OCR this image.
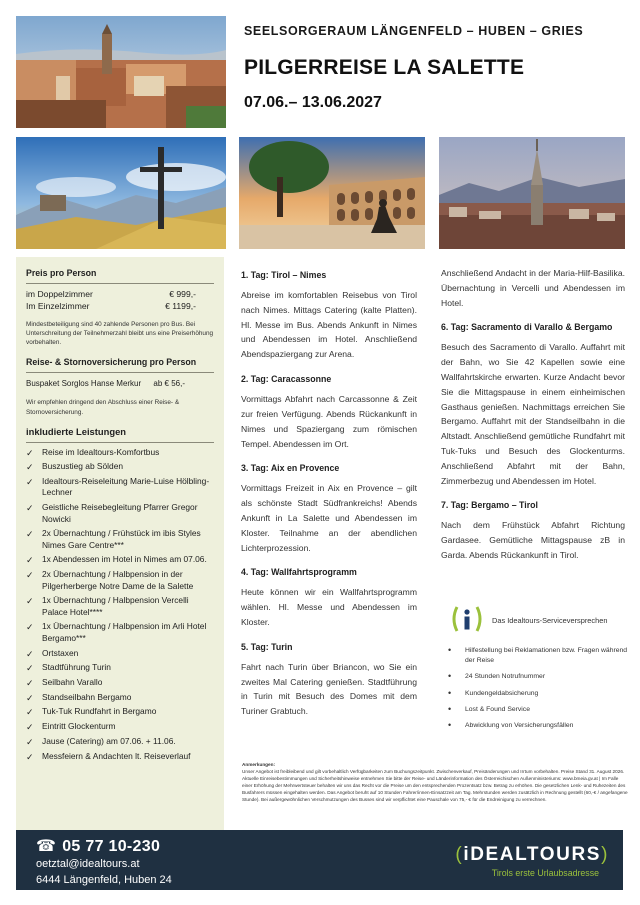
SEELSORGERAUM LÄNGENFELD – HUBEN – GRIES
PILGERREISE LA SALETTE
07.06.– 13.06.2027
Preis pro Person
im Doppelzimmer	€ 999,-
Im Einzelzimmer	€ 1199,-
Mindestbeteiligung sind 40 zahlende Personen pro Bus. Bei Unterschreitung der Teilnehmerzahl bleibt uns eine Preiserhöhung vorbehalten.
Reise- & Stornoversicherung pro Person
Buspaket Sorglos Hanse Merkur ab € 56,-
Wir empfehlen dringend den Abschluss einer Reise- & Stornoversicherung.
inkludierte Leistungen
✓ Reise im Idealtours-Komfortbus
✓ Buszustieg ab Sölden
✓ Idealtours-Reiseleitung Marie-Luise Hölbling-Lechner
✓ Geistliche Reisebegleitung Pfarrer Gregor Nowicki
✓ 2x Übernachtung / Frühstück im ibis Styles Nimes Gare Centre***
✓ 1x Abendessen im Hotel in Nimes am 07.06.
✓ 2x Übernachtung / Halbpension in der Pilgerherberge Notre Dame de la Salette
✓ 1x Übernachtung / Halbpension Vercelli Palace Hotel****
✓ 1x Übernachtung / Halbpension im Arli Hotel Bergamo***
✓ Ortstaxen
✓ Stadtführung Turin
✓ Seilbahn Varallo
✓ Standseilbahn Bergamo
✓ Tuk-Tuk Rundfahrt in Bergamo
✓ Eintritt Glockenturm
✓ Jause (Catering) am 07.06. + 11.06.
✓ Messfeiern & Andachten lt. Reiseverlauf
1. Tag: Tirol – Nimes
Abreise im komfortablen Reisebus von Tirol nach Nimes. Mittags Catering (kalte Platten). Hl. Messe im Bus. Abends Ankunft in Nimes und Abendessen im Hotel. Anschließend Abendspaziergang zur Arena.
2. Tag: Caracassonne
Vormittags Abfahrt nach Carcassonne & Zeit zur freien Verfügung. Abends Rückankunft in Nimes und Spaziergang zum römischen Tempel. Abendessen im Ort.
3. Tag: Aix en Provence
Vormittags Freizeit in Aix en Provence – gilt als schönste Stadt Südfrankreichs! Abends Ankunft in La Salette und Abendessen im Kloster. Teilnahme an der abendlichen Lichterprozession.
4. Tag: Wallfahrtsprogramm
Heute können wir ein Wallfahrtsprogramm wählen. Hl. Messe und Abendessen im Kloster.
5. Tag: Turin
Fahrt nach Turin über Briancon, wo Sie ein zweites Mal Catering genießen. Stadtführung in Turin mit Besuch des Domes mit dem Turiner Grabtuch.
Anschließend Andacht in der Maria-Hilf-Basilika. Übernachtung in Vercelli und Abendessen im Hotel.
6. Tag: Sacramento di Varallo & Bergamo
Besuch des Sacramento di Varallo. Auffahrt mit der Bahn, wo Sie 42 Kapellen sowie eine Wallfahrtskirche erwarten. Kurze Andacht bevor Sie die Mittagspause in einem einheimischen Gasthaus genießen. Nachmittags erreichen Sie Bergamo. Auffahrt mit der Standseilbahn in die Altstadt. Anschließend gemütliche Rundfahrt mit Tuk-Tuks und Besuch des Glockenturms. Anschließend Abfahrt mit der Bahn, Zimmerbezug und Abendessen im Hotel.
7. Tag: Bergamo – Tirol
Nach dem Frühstück Abfahrt Richtung Gardasee. Gemütliche Mittagspause zB in Garda. Abends Rückankunft in Tirol.
Das Idealtours-Serviceversprechen
• Hilfestellung bei Reklamationen bzw. Fragen während der Reise
• 24 Stunden Notrufnummer
• Kundengeldabsicherung
• Lost & Found Service
• Abwicklung von Versicherungsfällen
Anmerkungen:
Unser Angebot ist freibleibend und gilt vorbehaltlich Verfügbarkeiten zum Buchungszeitpunkt. Zwischenverkauf, Preisänderungen und Irrtum vorbehalten. Preise Stand 31. August 2026. Aktuelle Einreisebestimmungen und Sicherheitshinweise entnehmen Sie bitte der Reise- und Länderinformation des Österreichischen Außenministeriums: www.bmeia.gv.at | Im Falle einer Erhöhung der Mehrwertsteuer behalten wir uns das Recht vor die Preise um den entsprechenden Prozentsatz bzw. Betrag zu erhöhen. Die gesetzlichen Lenk- und Ruhezeiten des Busfahrers müssen eingehalten werden. Das Angebot beruht auf 10 Stunden Fahrer/innen-Einsatzzeit am Tag. Mehrstunden werden zusätzlich in Rechnung gestellt (60,-€ / angefangene Stunde). Bei außergewöhnlichen Verschmutzungen des Busses sind wir verpflichtet eine Pauschale von 75,- € für die Endreinigung zu verrechnen.
☎ 05 77 10-230
oetztal@idealtours.at
6444 Längenfeld, Huben 24
(iDEALTOURS)
Tirols erste Urlaubsadresse
